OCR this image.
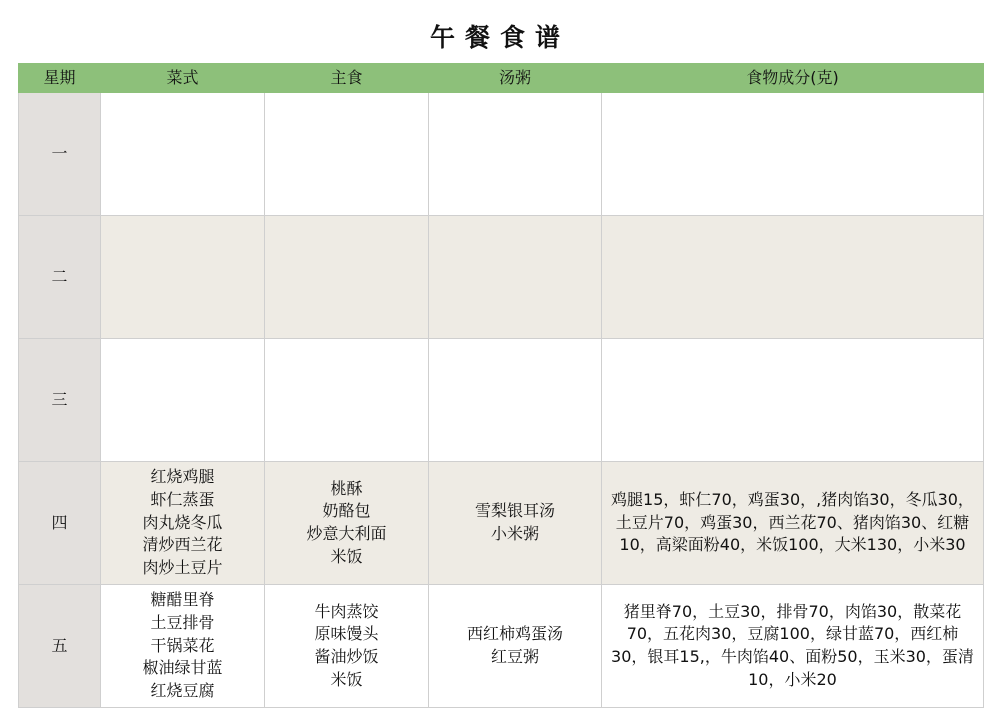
午餐食谱
星期	菜式	主食	汤粥	食物成分(克)
一	

二	

三	

四	红烧鸡腿
虾仁蒸蛋
肉丸烧冬瓜
清炒西兰花
肉炒土豆片	桃酥
奶酪包
炒意大利面
米饭	雪梨银耳汤
小米粥	鸡腿15，虾仁70，鸡蛋30，,猪肉馅30，冬瓜30，土豆片70，鸡蛋30，西兰花70、猪肉馅30、红糖10，高梁面粉40，米饭100，大米130，小米30
五	糖醋里脊
土豆排骨
干锅菜花
椒油绿甘蓝
红烧豆腐	牛肉蒸饺
原味馒头
酱油炒饭
米饭	西红柿鸡蛋汤
红豆粥	猪里脊70，土豆30，排骨70，肉馅30，散菜花70，五花肉30，豆腐100，绿甘蓝70，西红柿30，银耳15,，牛肉馅40、面粉50，玉米30，蛋清10，小米20
